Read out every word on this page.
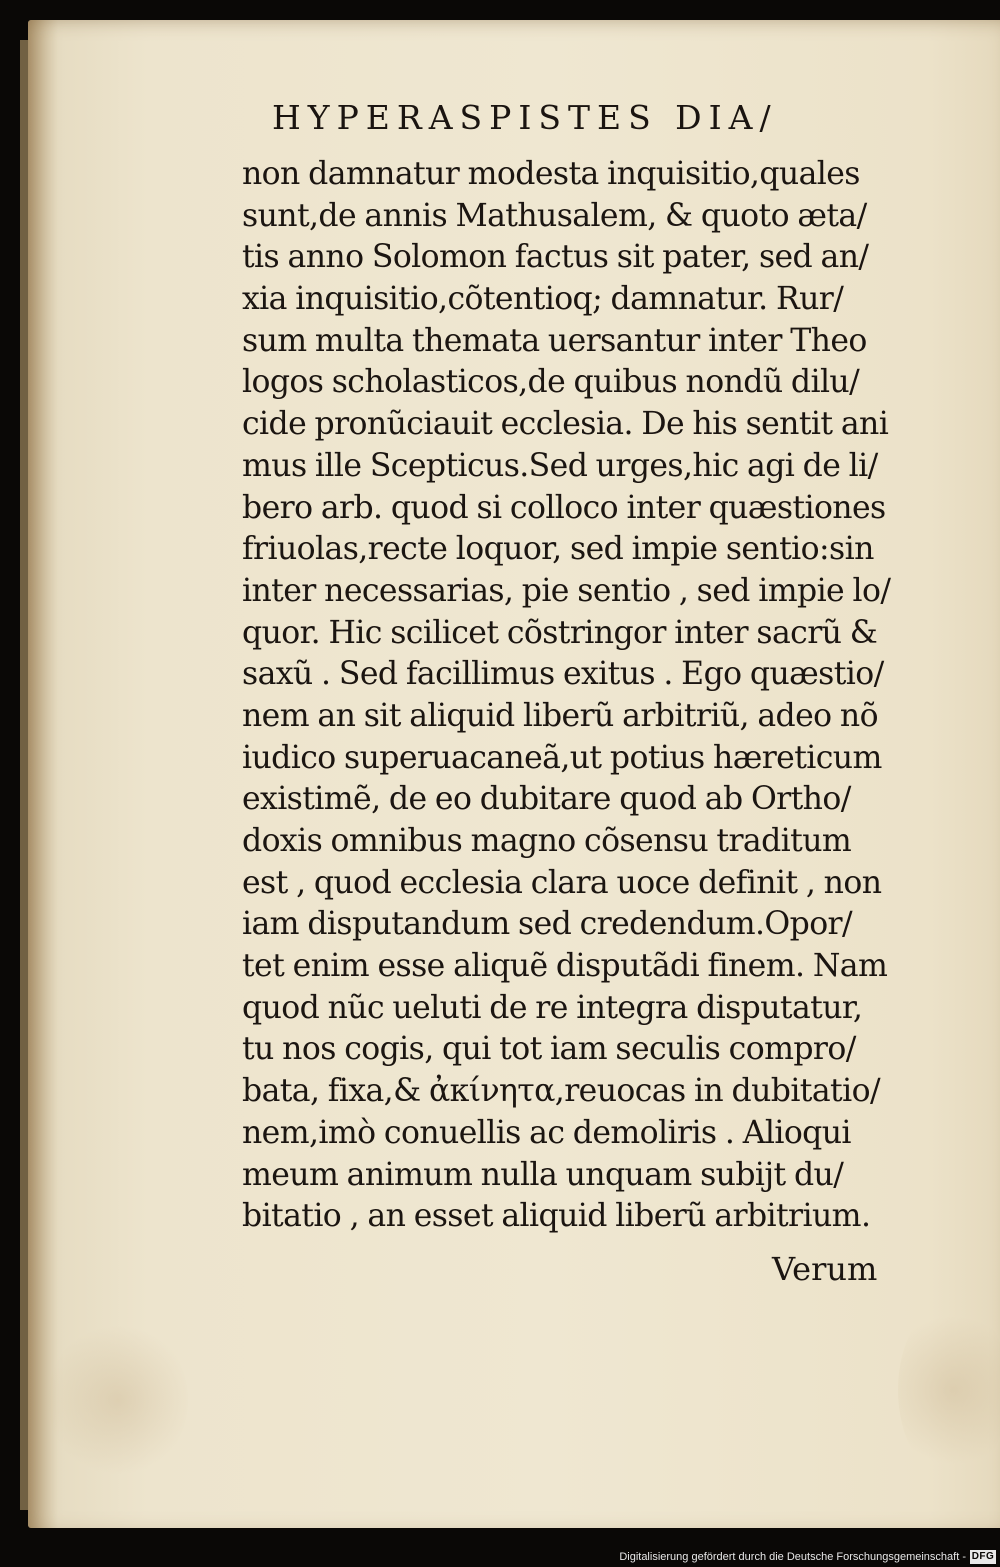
HYPERASPISTES DIA/
non damnatur modesta inquisitio,quales
sunt,de annis Mathusalem, & quoto æta/
tis anno Solomon factus sit pater, sed an/
xia inquisitio,cõtentioq; damnatur. Rur/
sum multa themata uersantur inter Theo
logos scholasticos,de quibus nondũ dilu/
cide pronũciauit ecclesia. De his sentit ani
mus ille Scepticus.Sed urges,hic agi de li/
bero arb. quod si colloco inter quæstiones
friuolas,recte loquor, sed impie sentio:sin
inter necessarias, pie sentio , sed impie lo/
quor. Hic scilicet cõstringor inter sacrũ &
saxũ . Sed facillimus exitus . Ego quæstio/
nem an sit aliquid liberũ arbitriũ, adeo nõ
iudico superuacaneã,ut potius hæreticum
existimẽ, de eo dubitare quod ab Ortho/
doxis omnibus magno cõsensu traditum
est , quod ecclesia clara uoce definit , non
iam disputandum sed credendum.Opor/
tet enim esse aliquẽ disputãdi finem. Nam
quod nũc ueluti de re integra disputatur,
tu nos cogis, qui tot iam seculis compro/
bata, fixa,& ἀκίνητα,reuocas in dubitatio/
nem,imò conuellis ac demoliris . Alioqui
meum animum nulla unquam subijt du/
bitatio , an esset aliquid liberũ arbitrium.
Verum
Digitalisierung gefördert durch die Deutsche Forschungsgemeinschaft - DFG
